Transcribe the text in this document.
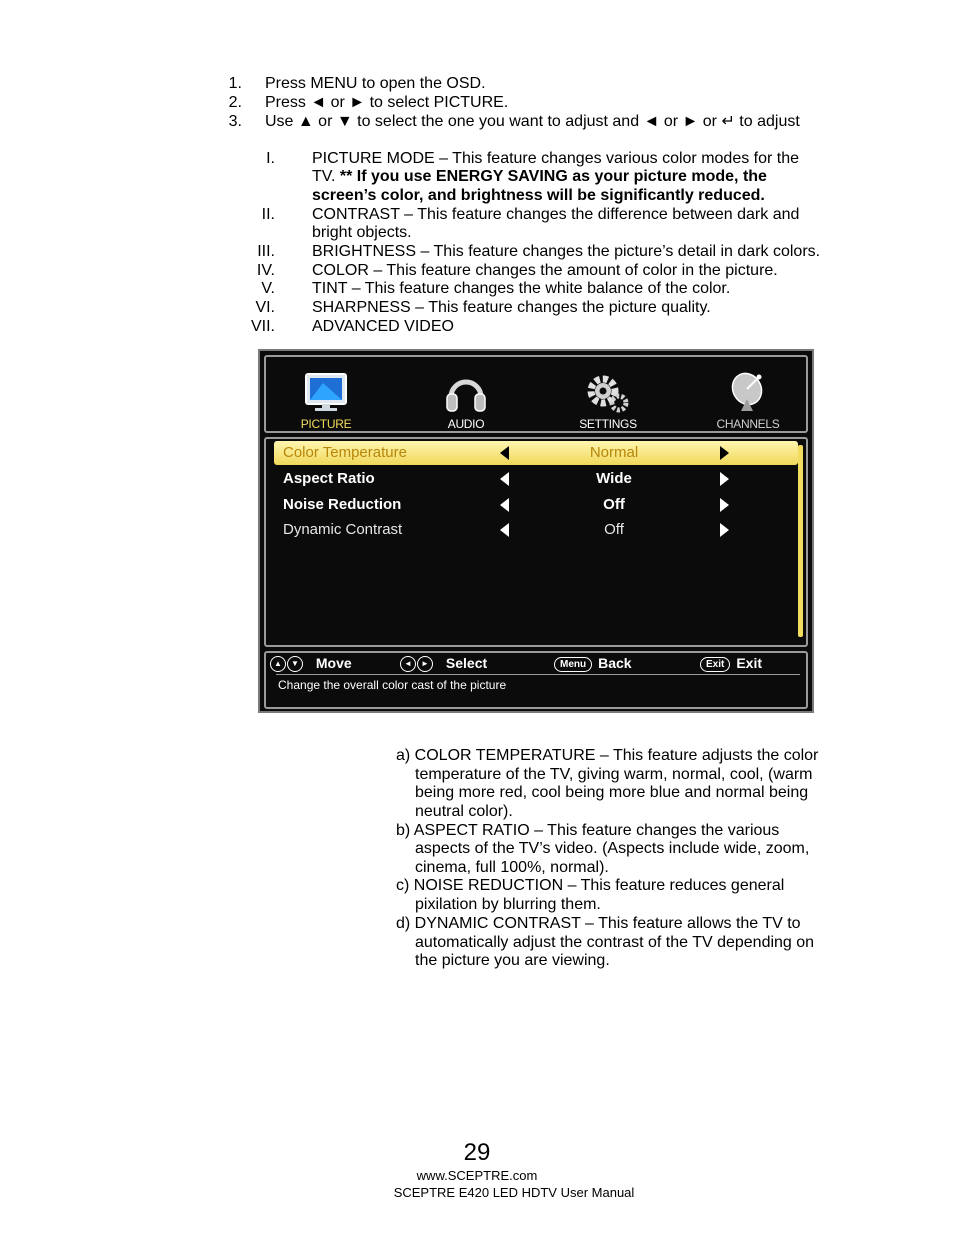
1. Press MENU to open the OSD.
2. Press ◄ or ► to select PICTURE.
3. Use ▲ or ▼ to select the one you want to adjust and ◄ or ► or ↵ to adjust
I. PICTURE MODE – This feature changes various color modes for the
TV. ** If you use ENERGY SAVING as your picture mode, the
screen’s color, and brightness will be significantly reduced.
II. CONTRAST – This feature changes the difference between dark and
bright objects.
III. BRIGHTNESS – This feature changes the picture’s detail in dark colors.
IV. COLOR – This feature changes the amount of color in the picture.
V. TINT – This feature changes the white balance of the color.
VI. SHARPNESS – This feature changes the picture quality.
VII. ADVANCED VIDEO
PICTURE	AUDIO	SETTINGS	CHANNELS
Color Temperature	Normal
Aspect Ratio	Wide
Noise Reduction	Off
Dynamic Contrast	Off
▲ ▼ Move	◄ ► Select	Menu Back	Exit Exit
Change the overall color cast of the picture
a) COLOR TEMPERATURE – This feature adjusts the color
temperature of the TV, giving warm, normal, cool, (warm
being more red, cool being more blue and normal being
neutral color).
b) ASPECT RATIO – This feature changes the various
aspects of the TV’s video. (Aspects include wide, zoom,
cinema, full 100%, normal).
c) NOISE REDUCTION – This feature reduces general
pixilation by blurring them.
d) DYNAMIC CONTRAST – This feature allows the TV to
automatically adjust the contrast of the TV depending on
the picture you are viewing.
29
www.SCEPTRE.com
SCEPTRE E420 LED HDTV User Manual
